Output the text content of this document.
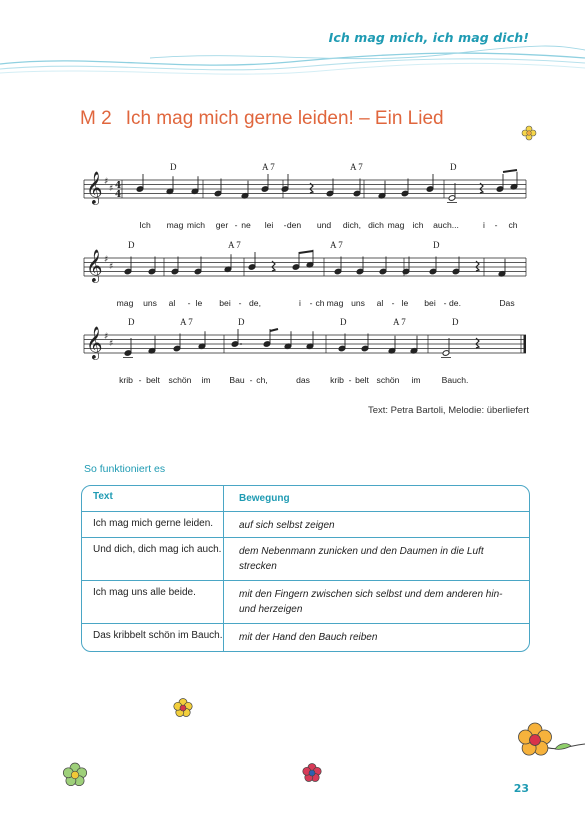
Ich mag mich, ich mag dich!
M 2 Ich mag mich gerne leiden! – Ein Lied
𝄞 ♯
♯ 4
4
𝄞 ♯
♯
𝄞 ♯
♯
D	A 7	A 7	D
D	A 7	A 7	D
D	A 7	D	D	A 7	D
Ich mag mich ger - ne lei - den und dich, dich mag ich auch...	i - ch
mag uns al - le bei - de,	i - ch mag uns al - le bei - de.	Das
krib - belt schön im Bau - ch,	das krib - belt schön im Bauch.
Text: Petra Bartoli, Melodie: überliefert
So funktioniert es
Text	Bewegung
Ich mag mich gerne leiden.	auf sich selbst zeigen
Und dich, dich mag ich auch.	dem Nebenmann zunicken und den Daumen in die Luft strecken
Ich mag uns alle beide.	mit den Fingern zwischen sich selbst und dem anderen hin- und herzeigen
Das kribbelt schön im Bauch.	mit der Hand den Bauch reiben
23
